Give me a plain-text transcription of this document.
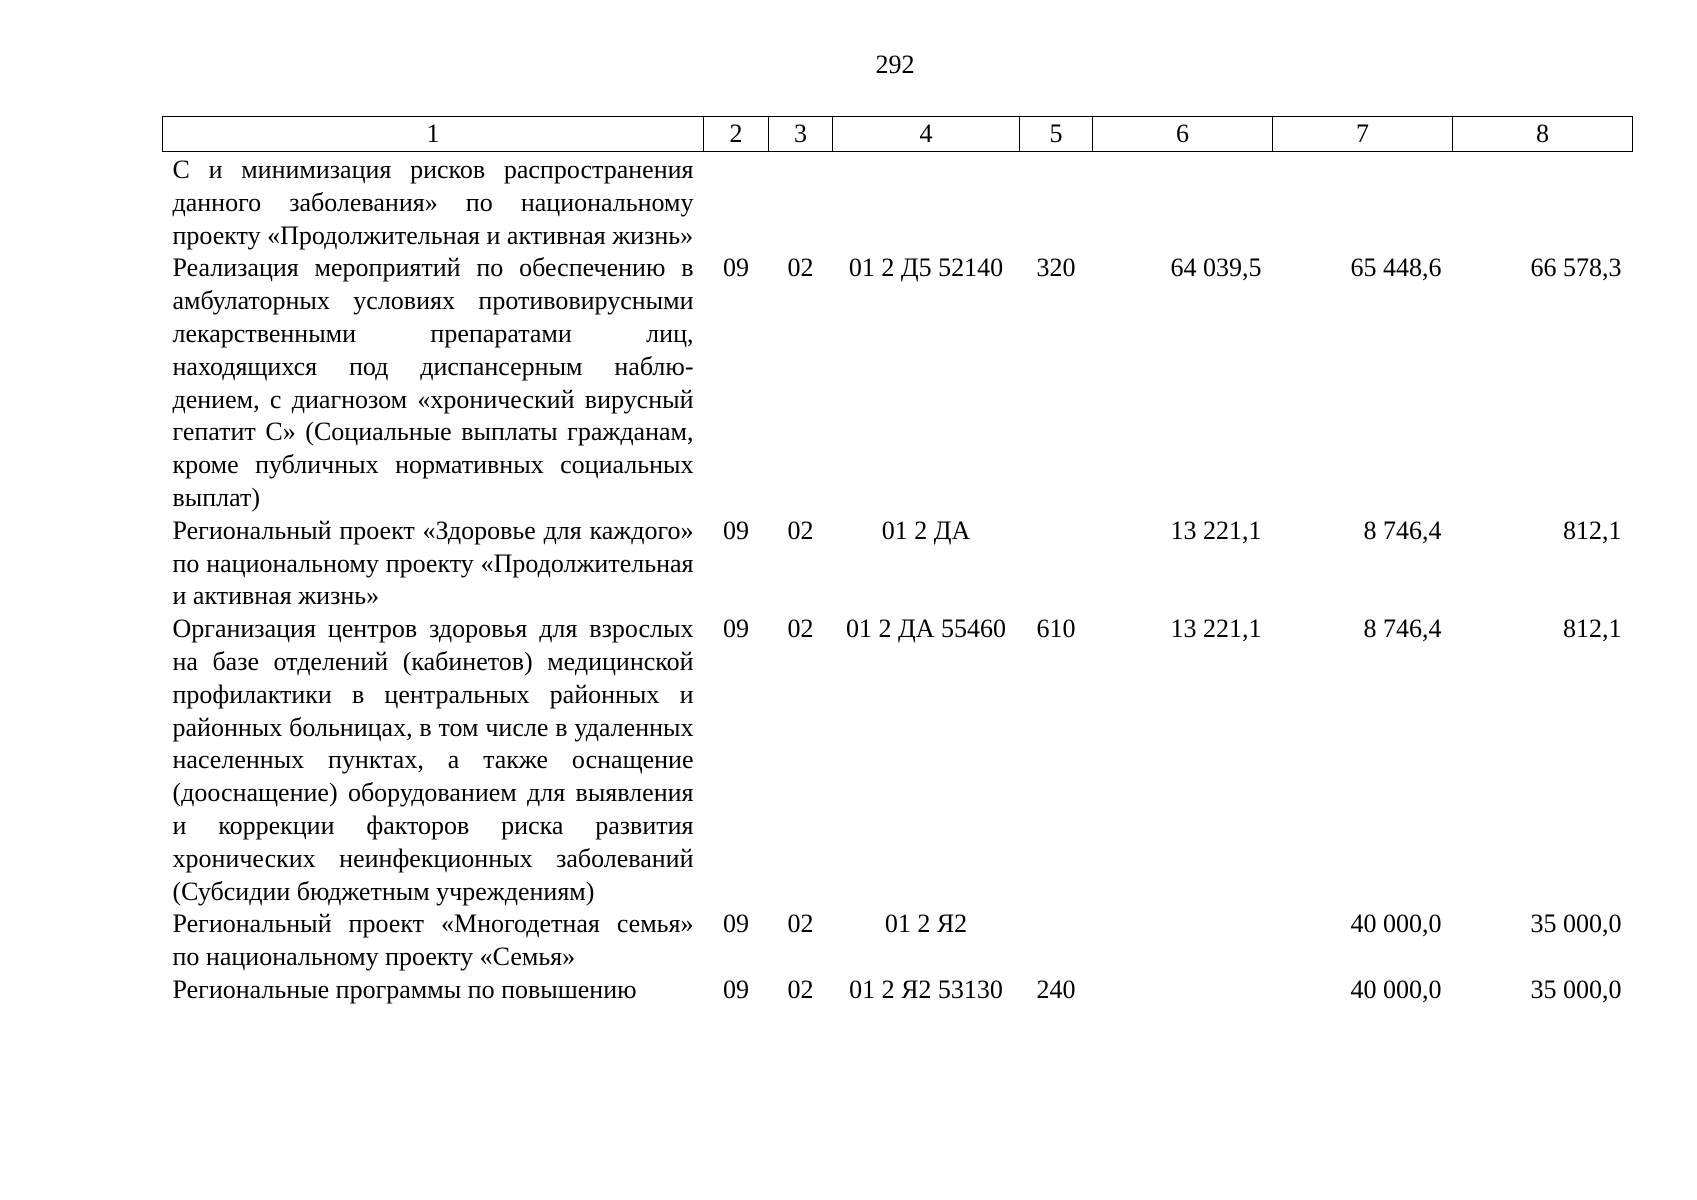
292
1	2	3	4	5	6	7	8
С и минимизация рисков распространения данного заболевания» по национальному проекту «Продолжительная и активная жизнь»							
Реализация мероприятий по обеспечению в амбулаторных условиях противовирусными лекарственными препаратами лиц, находящихся под диспансерным наблюдением, с диагнозом «хронический вирусный гепатит С» (Социальные выплаты гражданам, кроме публичных нормативных социальных выплат)	09	02	01 2 Д5 52140	320	64 039,5	65 448,6	66 578,3
Региональный проект «Здоровье для каждого» по национальному проекту «Продолжительная и активная жизнь»	09	02	01 2 ДА		13 221,1	8 746,4	812,1
Организация центров здоровья для взрослых на базе отделений (кабинетов) медицинской профилактики в центральных районных и районных больницах, в том числе в удаленных населенных пунктах, а также оснащение (дооснащение) оборудованием для выявления и коррекции факторов риска развития хронических неинфекционных заболеваний (Субсидии бюджетным учреждениям)	09	02	01 2 ДА 55460	610	13 221,1	8 746,4	812,1
Региональный проект «Многодетная семья» по национальному проекту «Семья»	09	02	01 2 Я2			40 000,0	35 000,0
Региональные программы по повышению	09	02	01 2 Я2 53130	240		40 000,0	35 000,0
